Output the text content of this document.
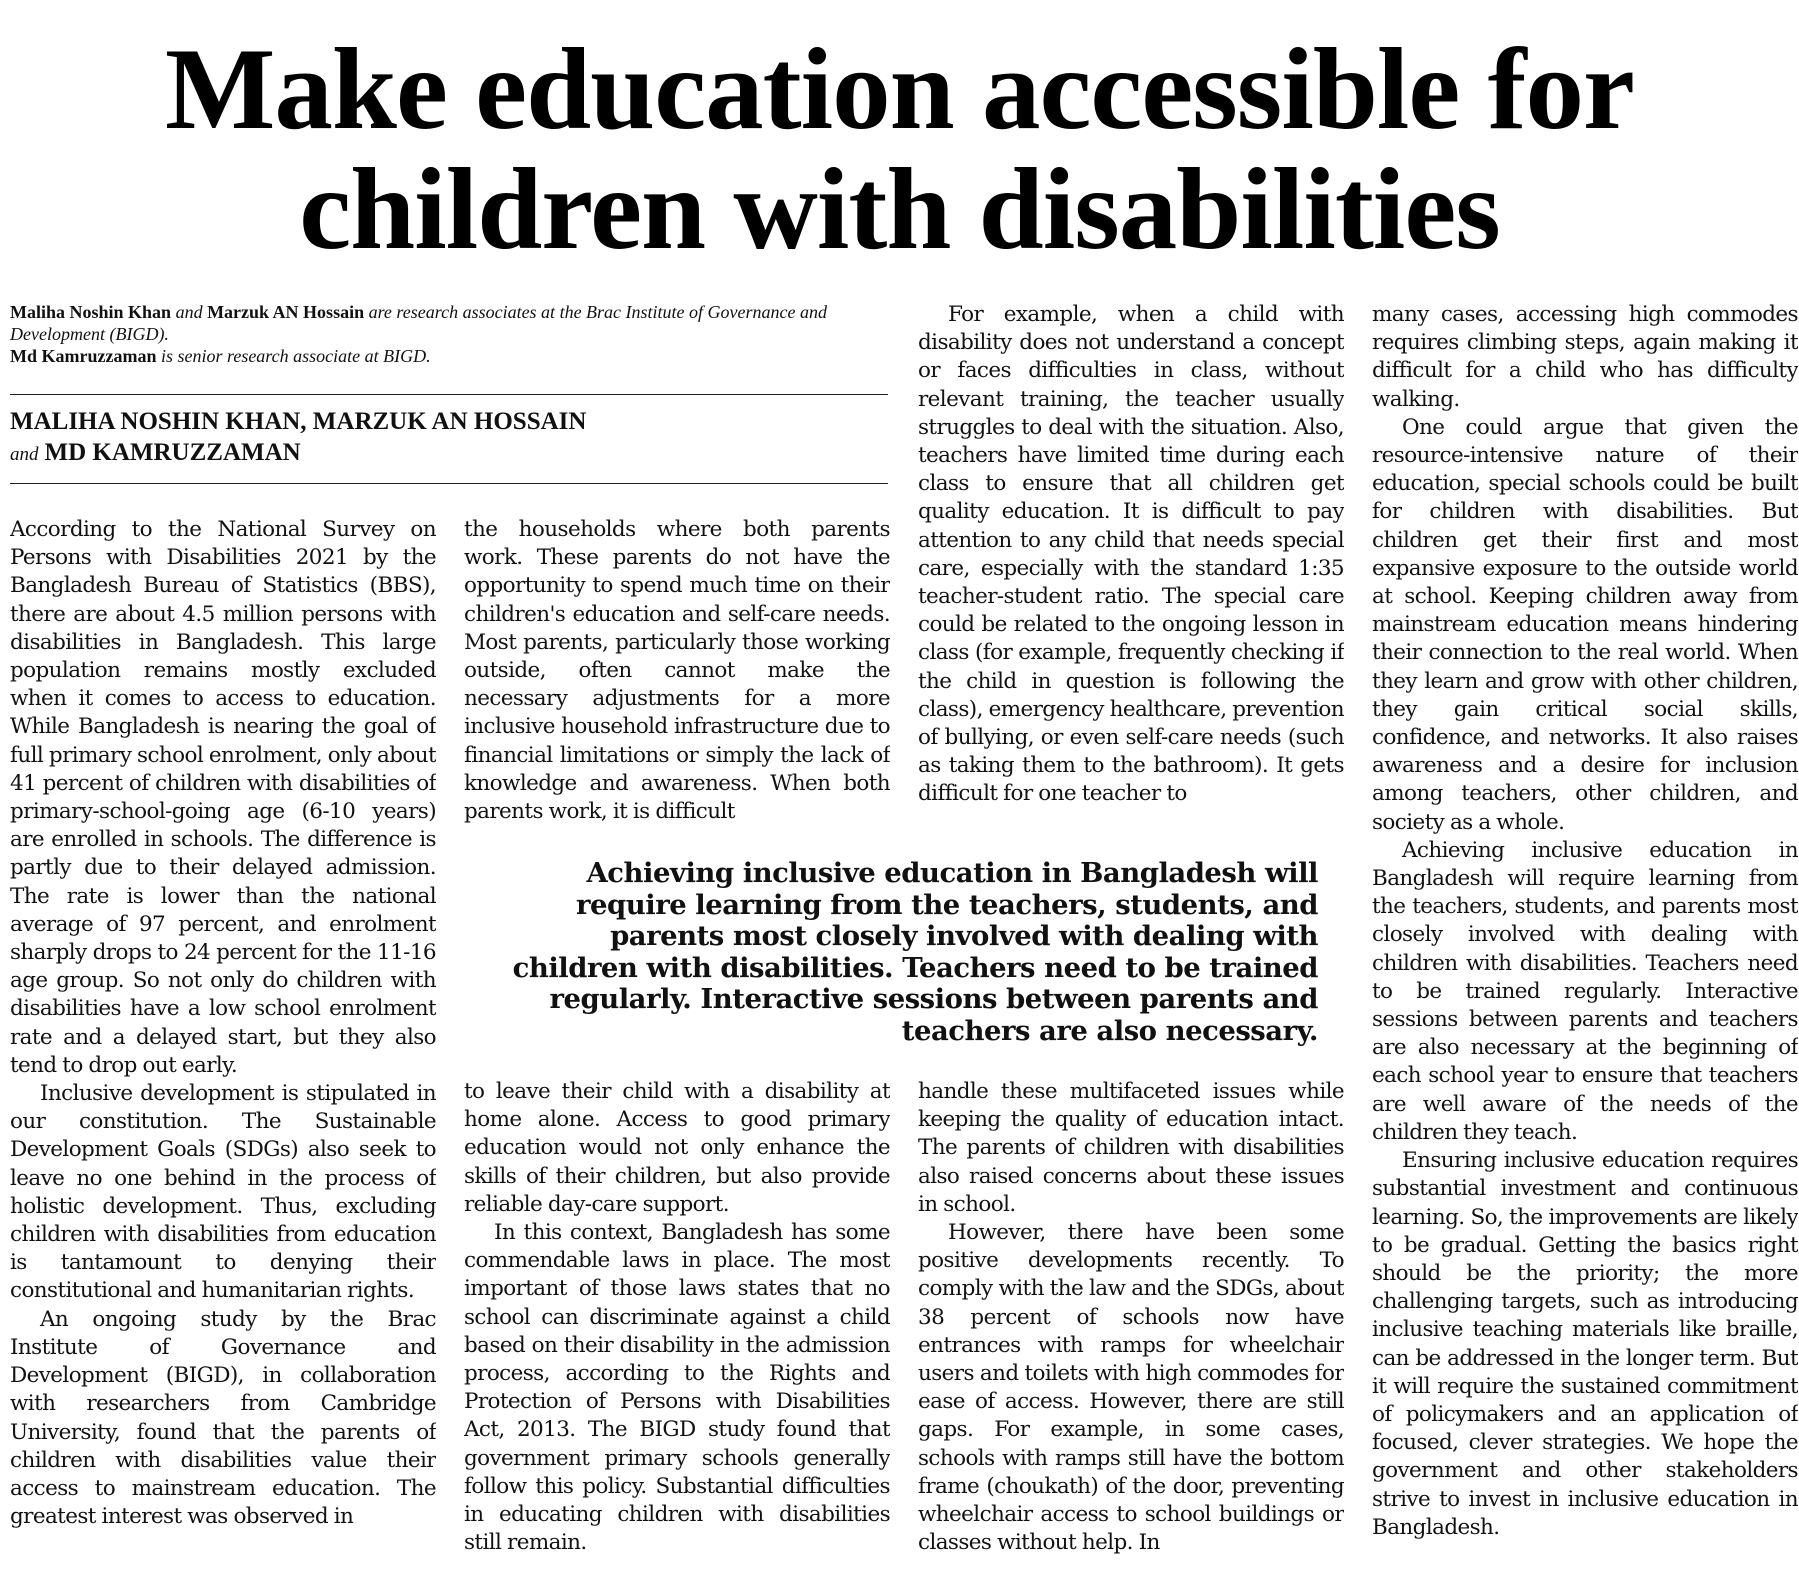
Make education accessible for
children with disabilities
Maliha Noshin Khan and Marzuk AN Hossain are research associates at the Brac Institute of Governance and Development (BIGD).
Md Kamruzzaman is senior research associate at BIGD.
MALIHA NOSHIN KHAN, MARZUK AN HOSSAIN
and MD KAMRUZZAMAN

According to the National Survey on Persons with Disabilities 2021 by the Bangladesh Bureau of Statistics (BBS), there are about 4.5 million persons with disabilities in Bangladesh. This large population remains mostly excluded when it comes to access to education. While Bangladesh is nearing the goal of full primary school enrolment, only about 41 percent of children with disabilities of primary-school-going age (6-10 years) are enrolled in schools. The difference is partly due to their delayed admission. The rate is lower than the national average of 97 percent, and enrolment sharply drops to 24 percent for the 11-16 age group. So not only do children with disabilities have a low school enrolment rate and a delayed start, but they also tend to drop out early.

Inclusive development is stipulated in our constitution. The Sustainable Development Goals (SDGs) also seek to leave no one behind in the process of holistic development. Thus, excluding children with disabilities from education is tantamount to denying their constitutional and humanitarian rights.

An ongoing study by the Brac Institute of Governance and Development (BIGD), in collaboration with researchers from Cambridge University, found that the parents of children with disabilities value their access to mainstream education. The greatest interest was observed in

the households where both parents work. These parents do not have the opportunity to spend much time on their children's education and self-care needs. Most parents, particularly those working outside, often cannot make the necessary adjustments for a more inclusive household infrastructure due to financial limitations or simply the lack of knowledge and awareness. When both parents work, it is difficult

For example, when a child with disability does not understand a concept or faces difficulties in class, without relevant training, the teacher usually struggles to deal with the situation. Also, teachers have limited time during each class to ensure that all children get quality education. It is difficult to pay attention to any child that needs special care, especially with the standard 1:35 teacher-student ratio. The special care could be related to the ongoing lesson in class (for example, frequently checking if the child in question is following the class), emergency healthcare, prevention of bullying, or even self-care needs (such as taking them to the bathroom). It gets difficult for one teacher to

Achieving inclusive education in Bangladesh will require learning from the teachers, students, and parents most closely involved with dealing with children with disabilities. Teachers need to be trained regularly. Interactive sessions between parents and teachers are also necessary.

to leave their child with a disability at home alone. Access to good primary education would not only enhance the skills of their children, but also provide reliable day-care support.

In this context, Bangladesh has some commendable laws in place. The most important of those laws states that no school can discriminate against a child based on their disability in the admission process, according to the Rights and Protection of Persons with Disabilities Act, 2013. The BIGD study found that government primary schools generally follow this policy. Substantial difficulties in educating children with disabilities still remain.

handle these multifaceted issues while keeping the quality of education intact. The parents of children with disabilities also raised concerns about these issues in school.

However, there have been some positive developments recently. To comply with the law and the SDGs, about 38 percent of schools now have entrances with ramps for wheelchair users and toilets with high commodes for ease of access. However, there are still gaps. For example, in some cases, schools with ramps still have the bottom frame (choukath) of the door, preventing wheelchair access to school buildings or classes without help. In

many cases, accessing high commodes requires climbing steps, again making it difficult for a child who has difficulty walking.

One could argue that given the resource-intensive nature of their education, special schools could be built for children with disabilities. But children get their first and most expansive exposure to the outside world at school. Keeping children away from mainstream education means hindering their connection to the real world. When they learn and grow with other children, they gain critical social skills, confidence, and networks. It also raises awareness and a desire for inclusion among teachers, other children, and society as a whole.

Achieving inclusive education in Bangladesh will require learning from the teachers, students, and parents most closely involved with dealing with children with disabilities. Teachers need to be trained regularly. Interactive sessions between parents and teachers are also necessary at the beginning of each school year to ensure that teachers are well aware of the needs of the children they teach.

Ensuring inclusive education requires substantial investment and continuous learning. So, the improvements are likely to be gradual. Getting the basics right should be the priority; the more challenging targets, such as introducing inclusive teaching materials like braille, can be addressed in the longer term. But it will require the sustained commitment of policymakers and an application of focused, clever strategies. We hope the government and other stakeholders strive to invest in inclusive education in Bangladesh.
